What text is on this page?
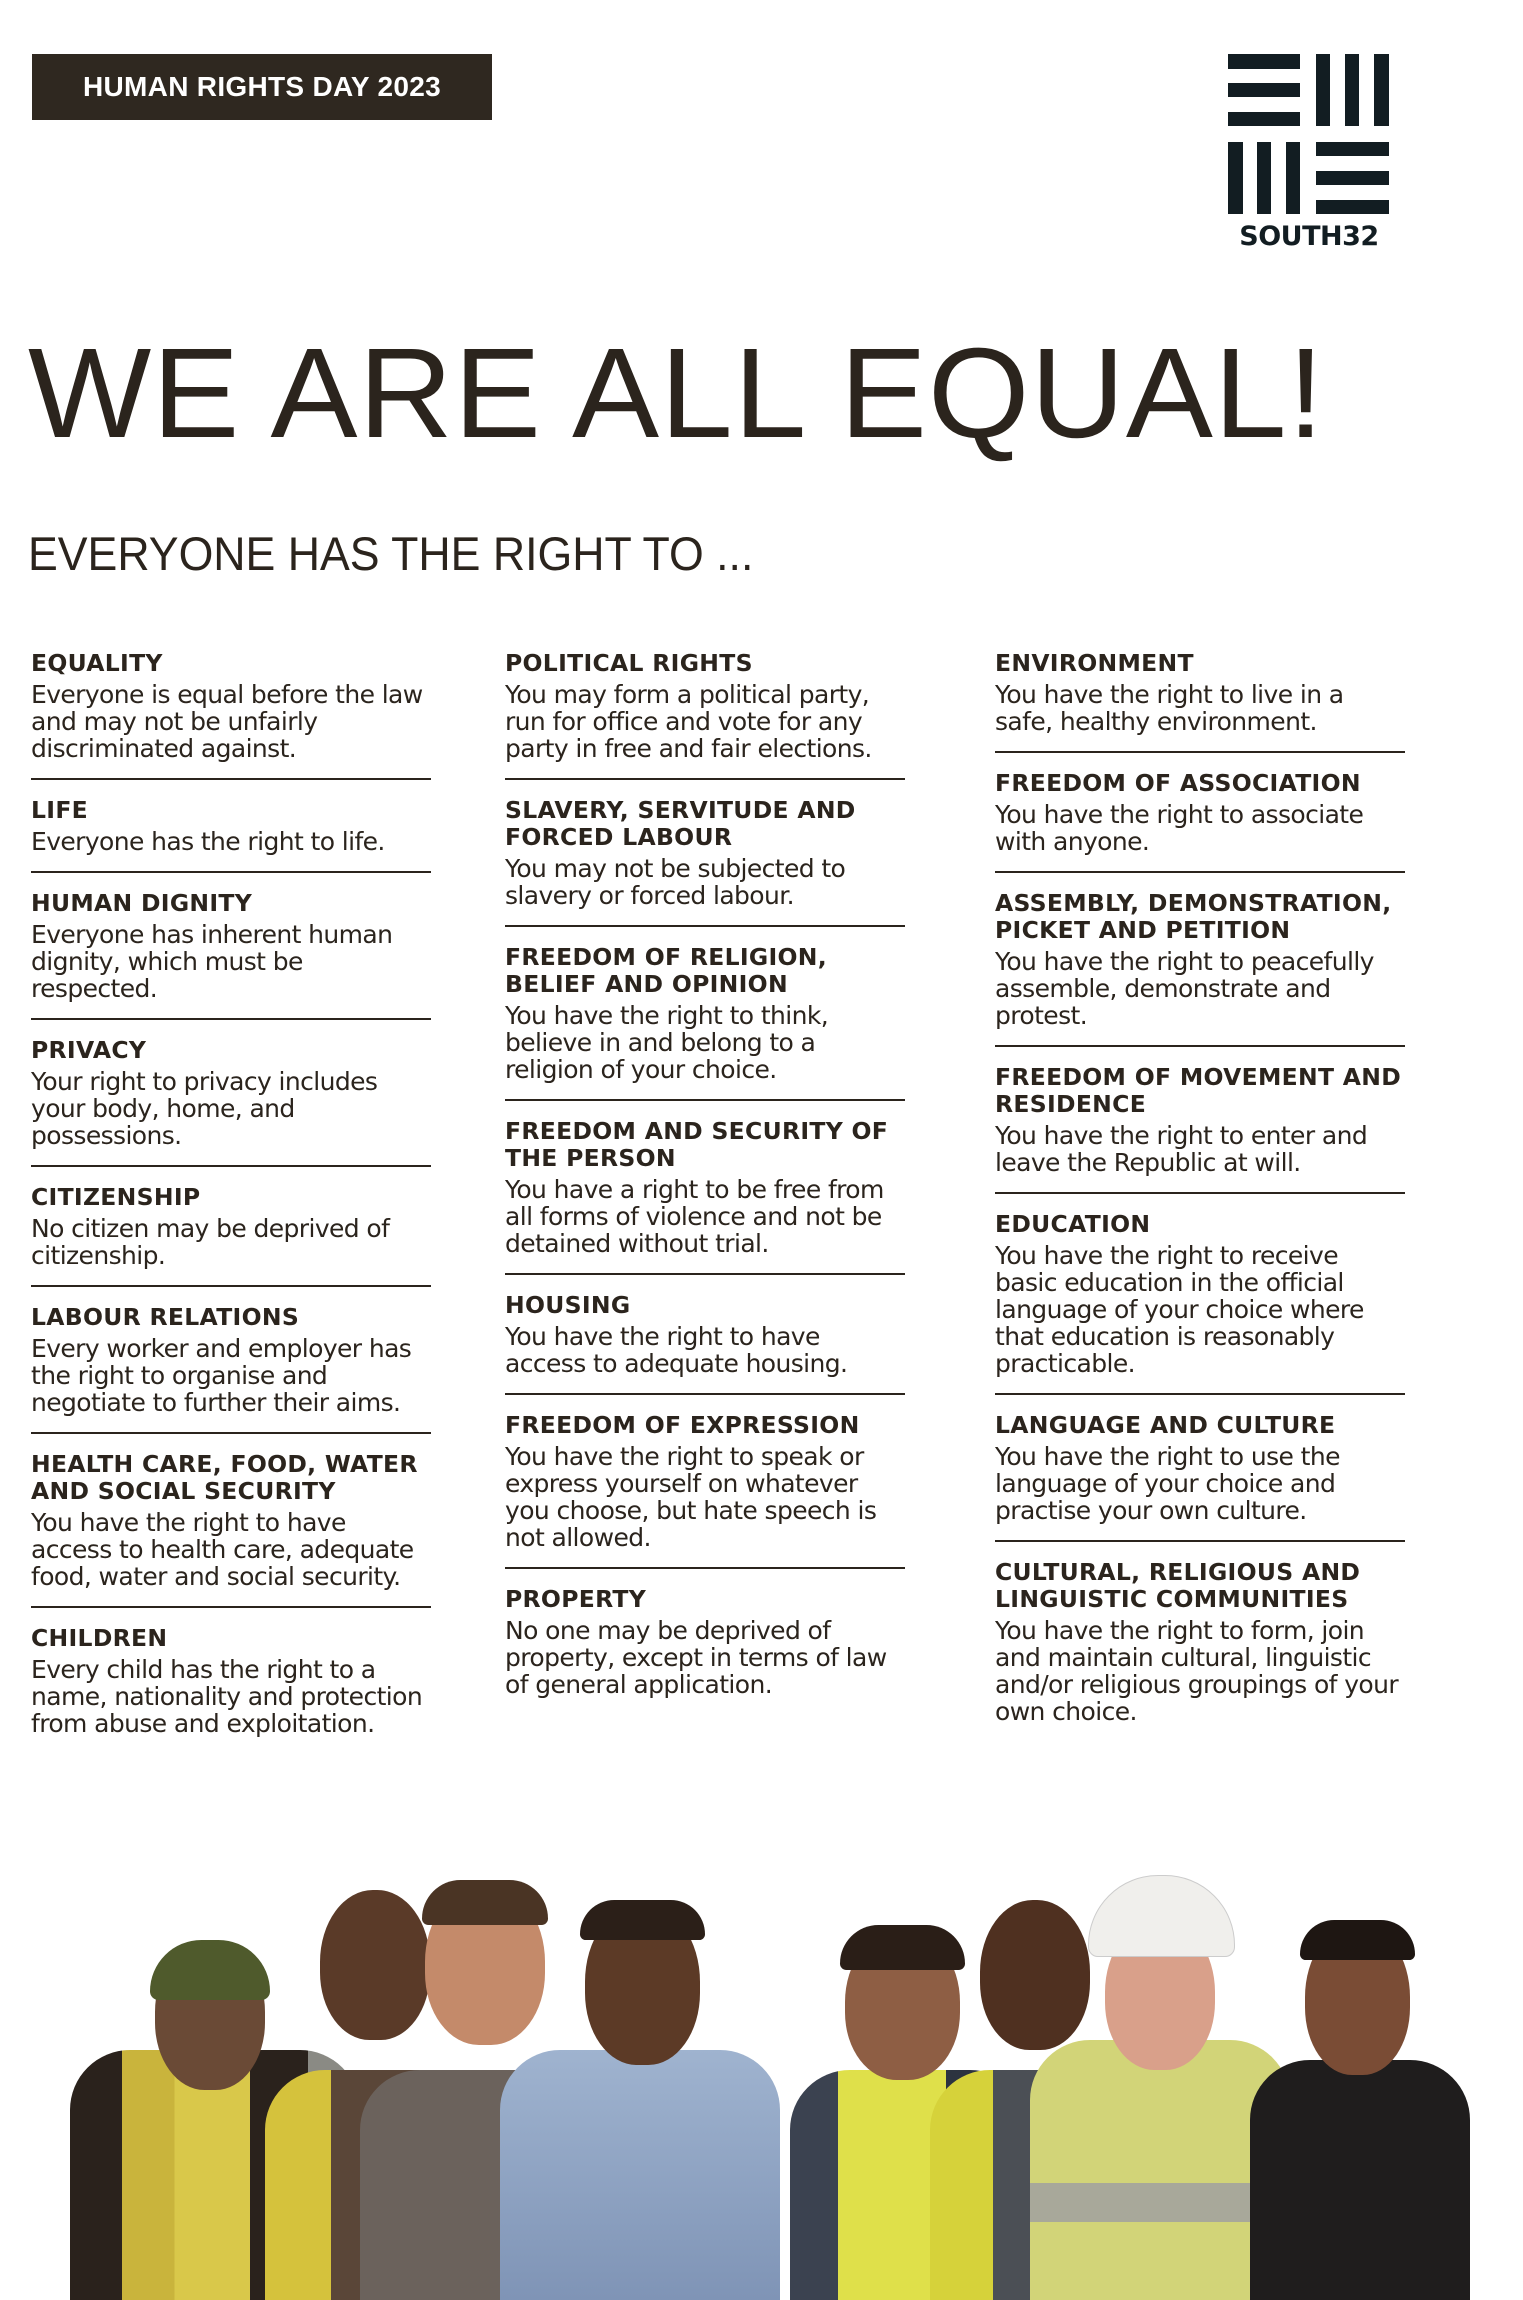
HUMAN RIGHTS DAY 2023
SOUTH32
WE ARE ALL EQUAL!
EVERYONE HAS THE RIGHT TO ...
EQUALITY

Everyone is equal before the law and may not be unfairly discriminated against.

LIFE

Everyone has the right to life.

HUMAN DIGNITY

Everyone has inherent human dignity, which must be respected.

PRIVACY

Your right to privacy includes your body, home, and possessions.

CITIZENSHIP

No citizen may be deprived of citizenship.

LABOUR RELATIONS

Every worker and employer has the right to organise and negotiate to further their aims.

HEALTH CARE, FOOD, WATER AND SOCIAL SECURITY

You have the right to have access to health care, adequate food, water and social security.

CHILDREN

Every child has the right to a name, nationality and protection from abuse and exploitation.

POLITICAL RIGHTS

You may form a political party, run for office and vote for any party in free and fair elections.

SLAVERY, SERVITUDE AND FORCED LABOUR

You may not be subjected to slavery or forced labour.

FREEDOM OF RELIGION, BELIEF AND OPINION

You have the right to think, believe in and belong to a religion of your choice.

FREEDOM AND SECURITY OF THE PERSON

You have a right to be free from all forms of violence and not be detained without trial.

HOUSING

You have the right to have access to adequate housing.

FREEDOM OF EXPRESSION

You have the right to speak or express yourself on whatever you choose, but hate speech is not allowed.

PROPERTY

No one may be deprived of property, except in terms of law of general application.

ENVIRONMENT

You have the right to live in a safe, healthy environment.

FREEDOM OF ASSOCIATION

You have the right to associate with anyone.

ASSEMBLY, DEMONSTRATION, PICKET AND PETITION

You have the right to peacefully assemble, demonstrate and protest.

FREEDOM OF MOVEMENT AND RESIDENCE

You have the right to enter and leave the Republic at will.

EDUCATION

You have the right to receive basic education in the official language of your choice where that education is reasonably practicable.

LANGUAGE AND CULTURE

You have the right to use the language of your choice and practise your own culture.

CULTURAL, RELIGIOUS AND LINGUISTIC COMMUNITIES

You have the right to form, join and maintain cultural, linguistic and/or religious groupings of your own choice.
